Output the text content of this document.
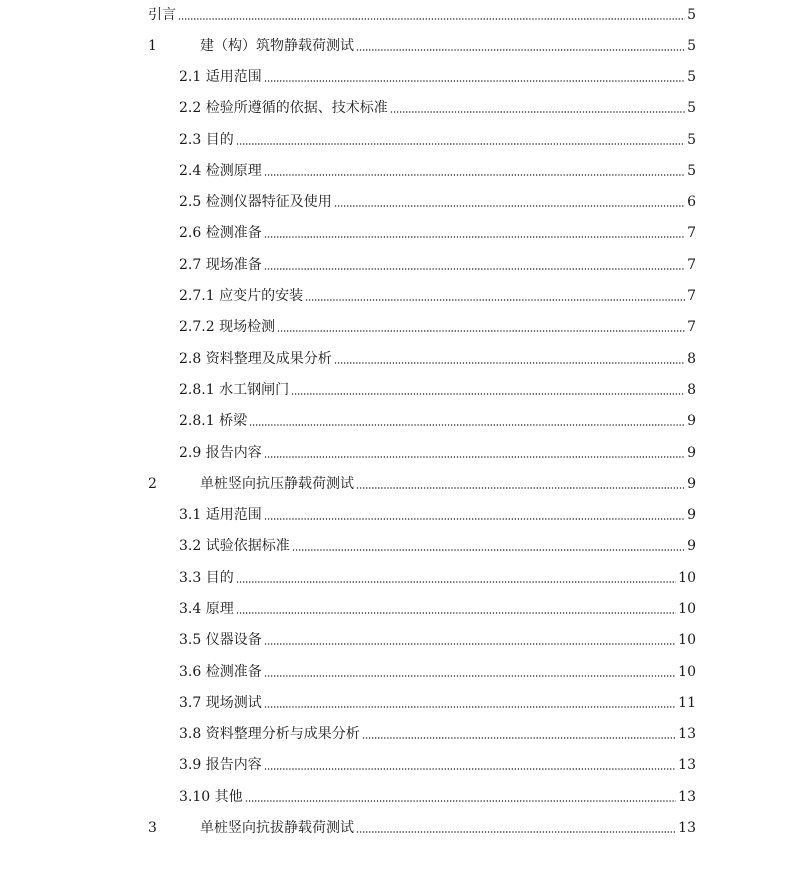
引言	5
1	建（构）筑物静载荷测试	5
2.1 适用范围	5
2.2 检验所遵循的依据、技术标准	5
2.3 目的	5
2.4 检测原理	5
2.5 检测仪器特征及使用	6
2.6 检测准备	7
2.7 现场准备	7
2.7.1 应变片的安装	7
2.7.2 现场检测	7
2.8 资料整理及成果分析	8
2.8.1 水工钢闸门	8
2.8.1 桥梁	9
2.9 报告内容	9
2	单桩竖向抗压静载荷测试	9
3.1 适用范围	9
3.2 试验依据标准	9
3.3 目的	10
3.4 原理	10
3.5 仪器设备	10
3.6 检测准备	10
3.7 现场测试	11
3.8 资料整理分析与成果分析	13
3.9 报告内容	13
3.10 其他	13
3	单桩竖向抗拔静载荷测试	13
